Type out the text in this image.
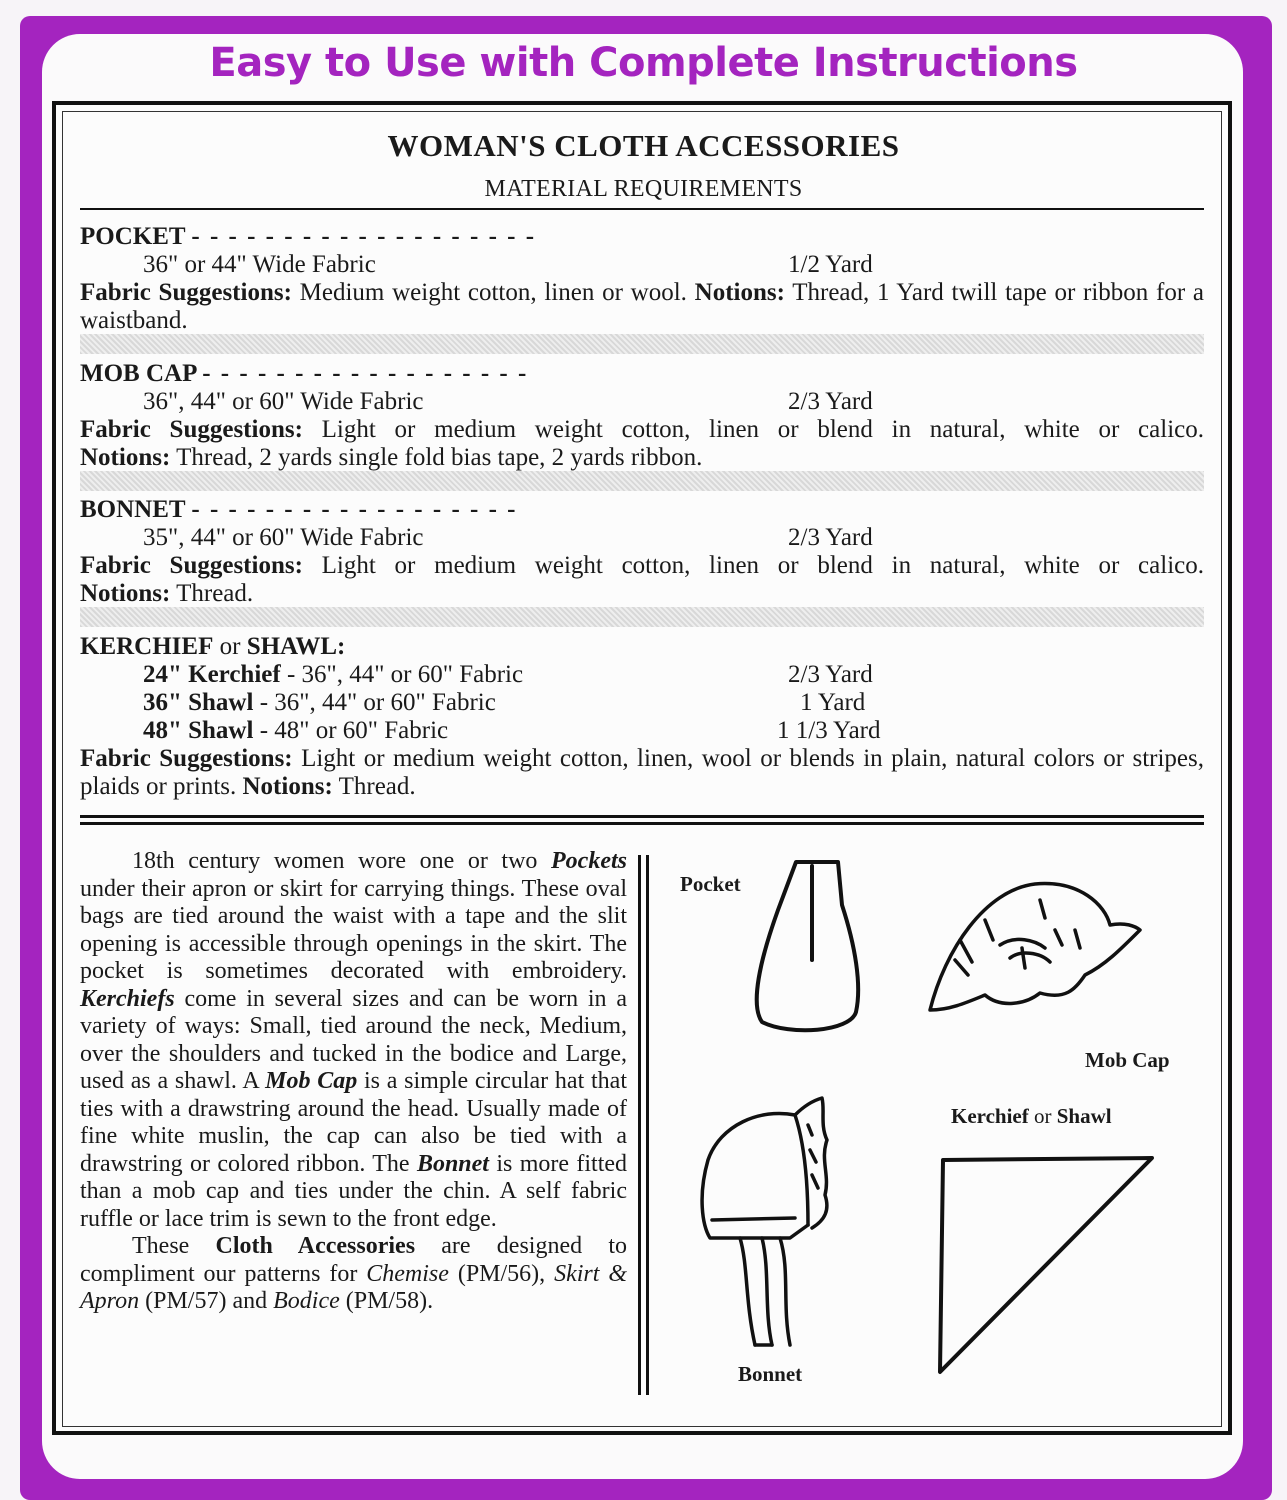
Easy to Use with Complete Instructions
WOMAN'S CLOTH ACCESSORIES
MATERIAL REQUIREMENTS
POCKET - - - - - - - - - - - - - - - - - - -
36" or 44" Wide Fabric	1/2 Yard
Fabric Suggestions: Medium weight cotton, linen or wool. Notions: Thread, 1 Yard twill tape or ribbon for a waistband.
MOB CAP - - - - - - - - - - - - - - - - - -
36", 44" or 60" Wide Fabric	2/3 Yard
Fabric Suggestions: Light or medium weight cotton, linen or blend in natural, white or calico.
Notions: Thread, 2 yards single fold bias tape, 2 yards ribbon.
BONNET - - - - - - - - - - - - - - - - - -
35", 44" or 60" Wide Fabric	2/3 Yard
Fabric Suggestions: Light or medium weight cotton, linen or blend in natural, white or calico.
Notions: Thread.
KERCHIEF or SHAWL:
24" Kerchief - 36", 44" or 60" Fabric	2/3 Yard
36" Shawl - 36", 44" or 60" Fabric	1 Yard
48" Shawl - 48" or 60" Fabric	1 1/3 Yard
Fabric Suggestions: Light or medium weight cotton, linen, wool or blends in plain, natural colors or stripes, plaids or prints. Notions: Thread.

18th century women wore one or two Pockets under their apron or skirt for carrying things. These oval bags are tied around the waist with a tape and the slit opening is accessible through openings in the skirt. The pocket is sometimes decorated with embroidery. Kerchiefs come in several sizes and can be worn in a variety of ways: Small, tied around the neck, Medium, over the shoulders and tucked in the bodice and Large, used as a shawl. A Mob Cap is a simple circular hat that ties with a drawstring around the head. Usually made of fine white muslin, the cap can also be tied with a drawstring or colored ribbon. The Bonnet is more fitted than a mob cap and ties under the chin. A self fabric ruffle or lace trim is sewn to the front edge.

These Cloth Accessories are designed to compliment our patterns for Chemise (PM/56), Skirt & Apron (PM/57) and Bodice (PM/58).

Pocket
Mob Cap
Kerchief or Shawl
Bonnet
